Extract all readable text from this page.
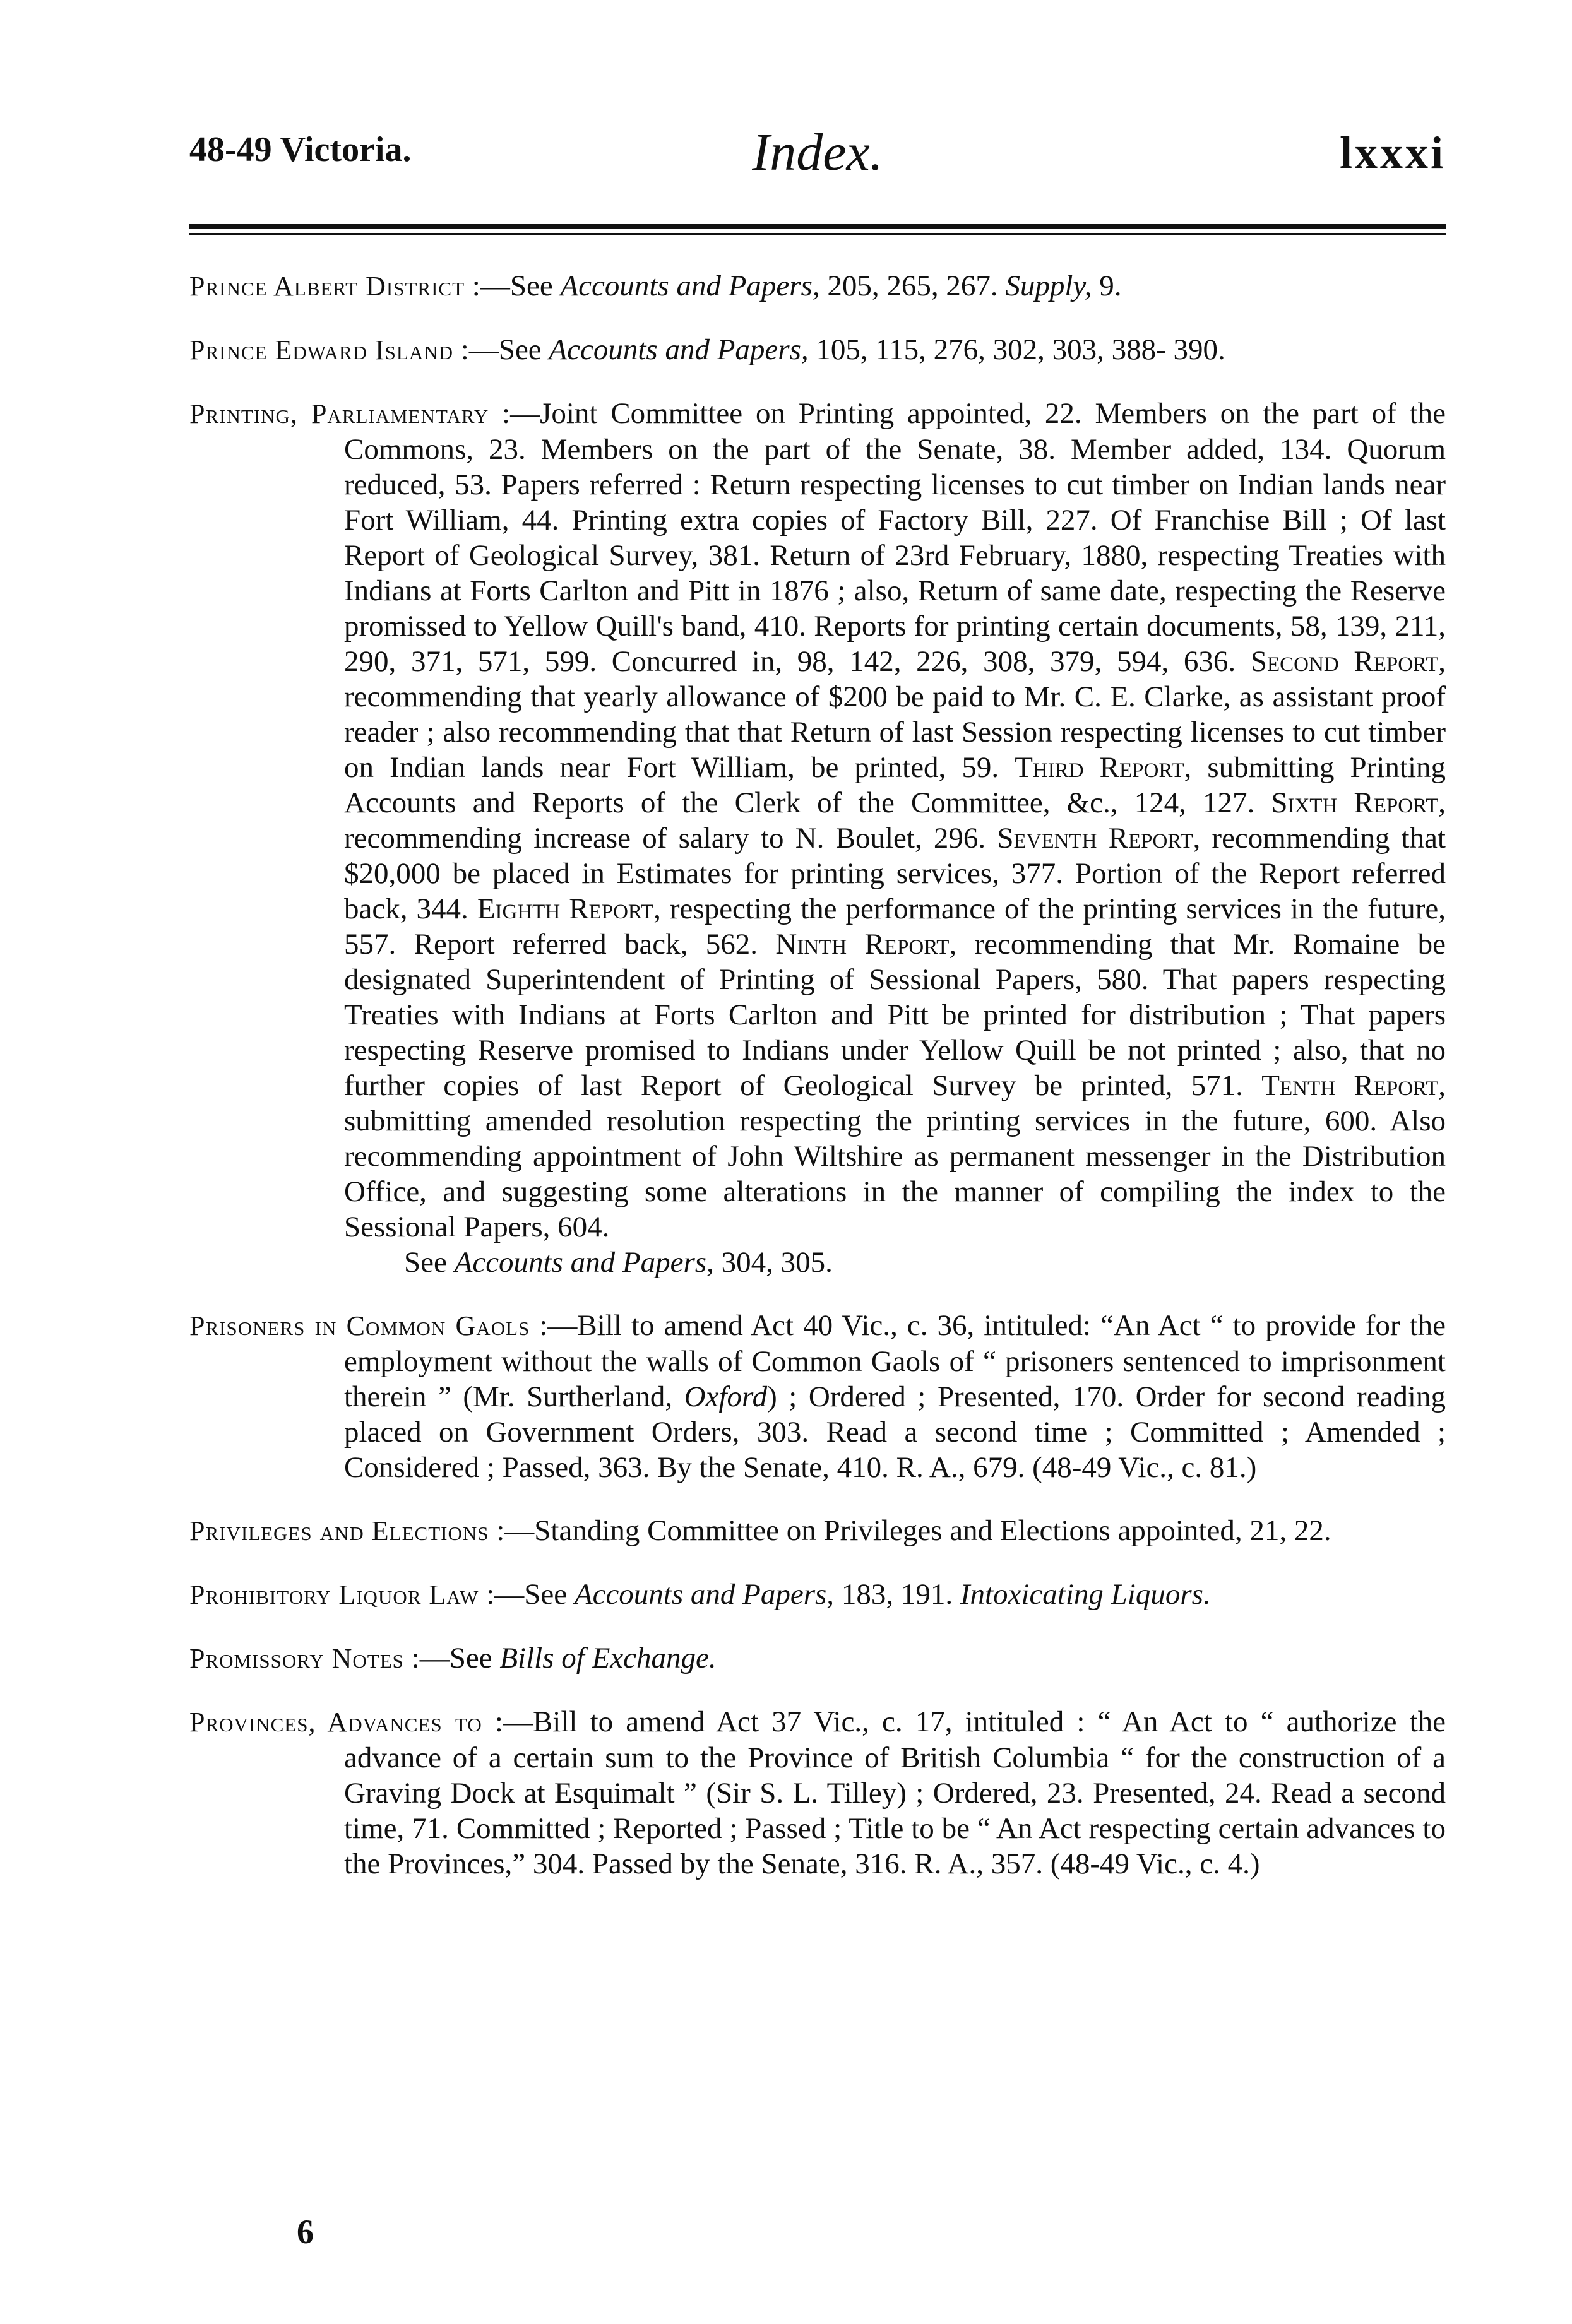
48-49 Victoria.	Index.	lxxxi

Prince Albert District :—See Accounts and Papers, 205, 265, 267. Supply, 9.

Prince Edward Island :—See Accounts and Papers, 105, 115, 276, 302, 303, 388- 390.

Printing, Parliamentary :—Joint Committee on Printing appointed, 22. Members on the part of the Commons, 23. Members on the part of the Senate, 38. Member added, 134. Quorum reduced, 53. Papers referred : Return respecting licenses to cut timber on Indian lands near Fort William, 44. Printing extra copies of Factory Bill, 227. Of Franchise Bill ; Of last Report of Geological Survey, 381. Return of 23rd February, 1880, respecting Treaties with Indians at Forts Carlton and Pitt in 1876 ; also, Return of same date, respecting the Reserve promissed to Yellow Quill's band, 410. Reports for printing certain documents, 58, 139, 211, 290, 371, 571, 599. Concurred in, 98, 142, 226, 308, 379, 594, 636. Second Report, recommending that yearly allowance of $200 be paid to Mr. C. E. Clarke, as assistant proof reader ; also recommending that that Return of last Session respecting licenses to cut timber on Indian lands near Fort William, be printed, 59. Third Report, submitting Printing Accounts and Reports of the Clerk of the Committee, &c., 124, 127. Sixth Report, recommending increase of salary to N. Boulet, 296. Seventh Report, recommending that $20,000 be placed in Estimates for printing services, 377. Portion of the Report referred back, 344. Eighth Report, respecting the performance of the printing services in the future, 557. Report referred back, 562. Ninth Report, recommending that Mr. Romaine be designated Superintendent of Printing of Sessional Papers, 580. That papers respecting Treaties with Indians at Forts Carlton and Pitt be printed for distribution ; That papers respecting Reserve promised to Indians under Yellow Quill be not printed ; also, that no further copies of last Report of Geological Survey be printed, 571. Tenth Report, submitting amended resolution respecting the printing services in the future, 600. Also recommending appointment of John Wiltshire as permanent messenger in the Distribution Office, and suggesting some alterations in the manner of compiling the index to the Sessional Papers, 604.
See Accounts and Papers, 304, 305.

Prisoners in Common Gaols :—Bill to amend Act 40 Vic., c. 36, intituled: “An Act “ to provide for the employment without the walls of Common Gaols of “ prisoners sentenced to imprisonment therein ” (Mr. Surtherland, Oxford) ; Ordered ; Presented, 170. Order for second reading placed on Government Orders, 303. Read a second time ; Committed ; Amended ; Considered ; Passed, 363. By the Senate, 410. R. A., 679. (48-49 Vic., c. 81.)

Privileges and Elections :—Standing Committee on Privileges and Elections appointed, 21, 22.

Prohibitory Liquor Law :—See Accounts and Papers, 183, 191. Intoxicating Liquors.

Promissory Notes :—See Bills of Exchange.

Provinces, Advances to :—Bill to amend Act 37 Vic., c. 17, intituled : “ An Act to “ authorize the advance of a certain sum to the Province of British Columbia “ for the construction of a Graving Dock at Esquimalt ” (Sir S. L. Tilley) ; Ordered, 23. Presented, 24. Read a second time, 71. Committed ; Reported ; Passed ; Title to be “ An Act respecting certain advances to the Provinces,” 304. Passed by the Senate, 316. R. A., 357. (48-49 Vic., c. 4.)

6
